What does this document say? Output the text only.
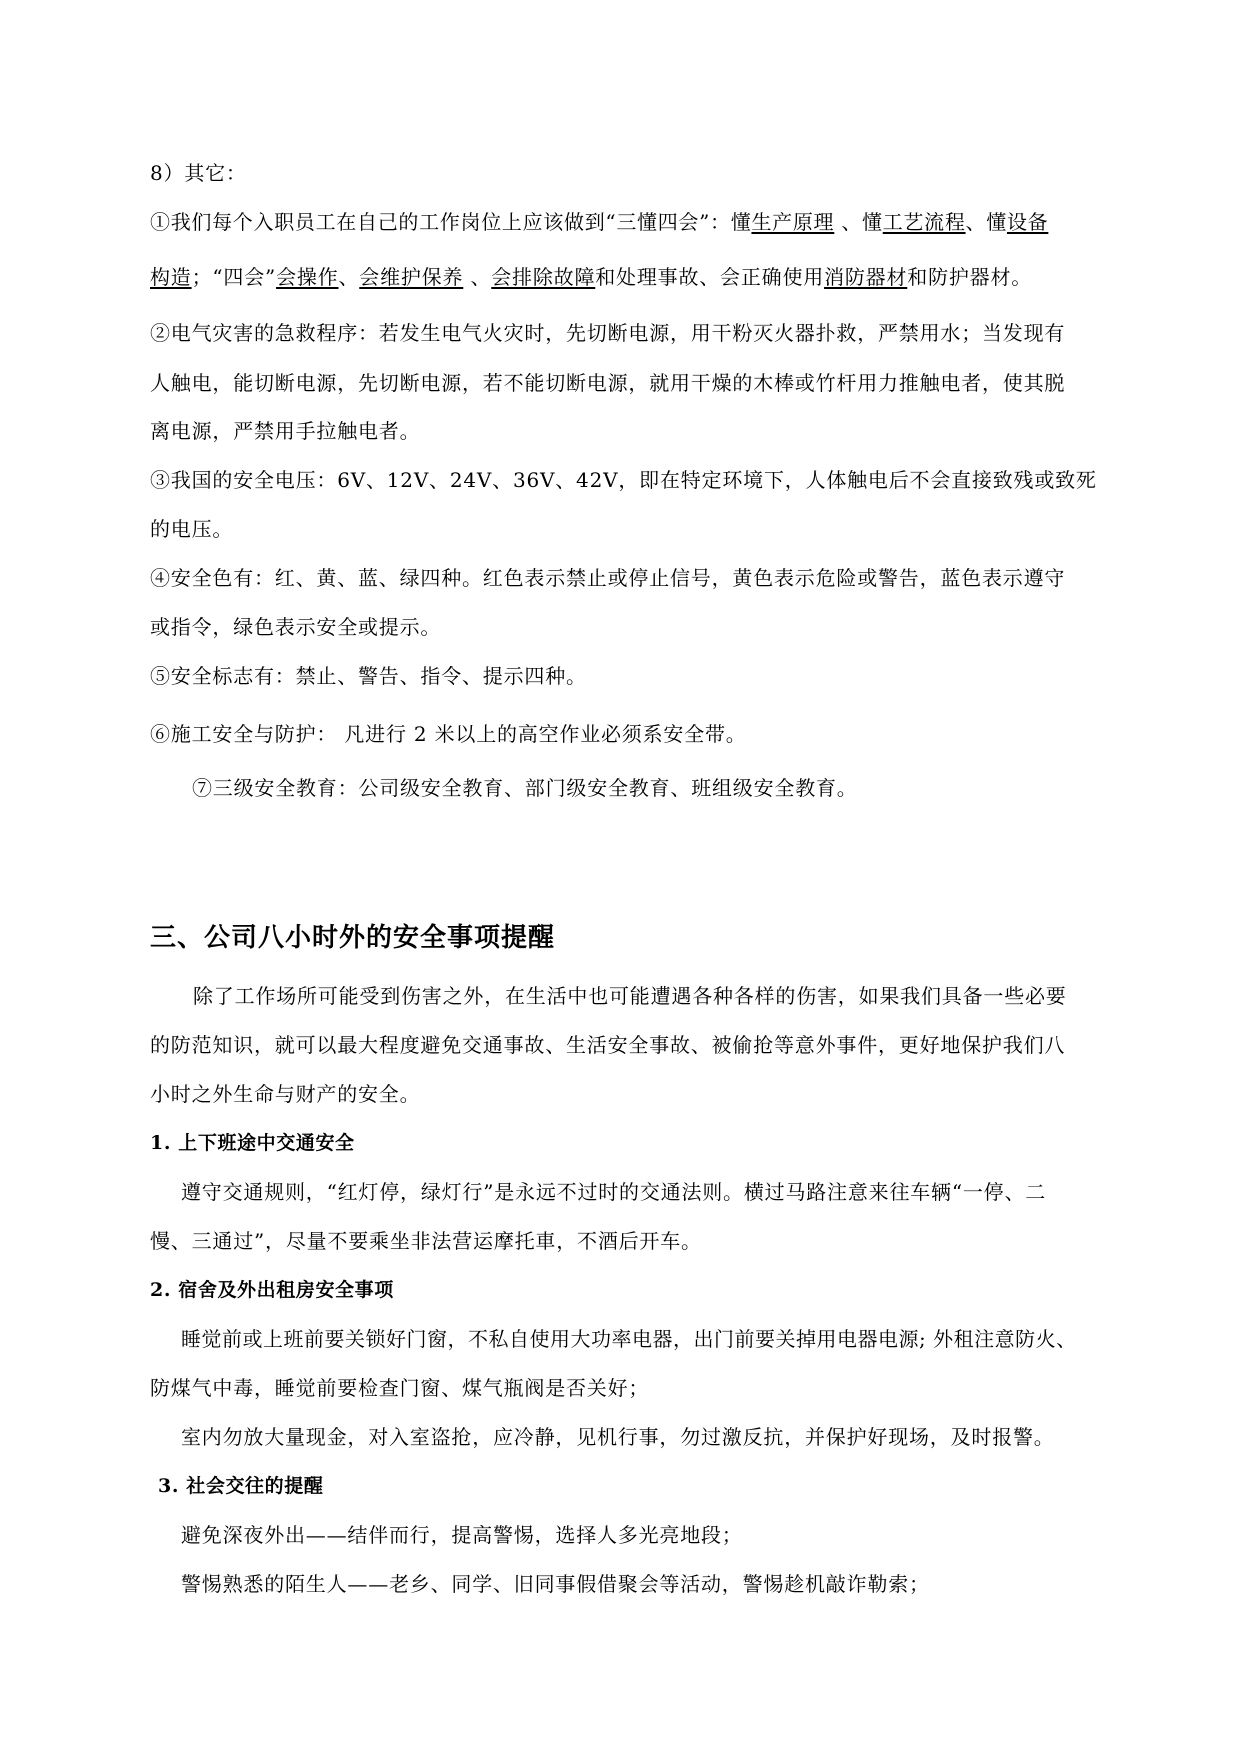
8）其它：
①我们每个入职员工在自己的工作岗位上应该做到“三懂四会”：懂生产原理 、懂工艺流程、懂设备
构造；“四会”会操作、会维护保养 、会排除故障和处理事故、会正确使用消防器材和防护器材。
②电气灾害的急救程序：若发生电气火灾时，先切断电源，用干粉灭火器扑救，严禁用水；当发现有
人触电，能切断电源，先切断电源，若不能切断电源，就用干燥的木棒或竹杆用力推触电者，使其脱
离电源，严禁用手拉触电者。
③我国的安全电压：6V、12V、24V、36V、42V，即在特定环境下，人体触电后不会直接致残或致死
的电压。
④安全色有：红、黄、蓝、绿四种。红色表示禁止或停止信号，黄色表示危险或警告，蓝色表示遵守
或指令，绿色表示安全或提示。
⑤安全标志有：禁止、警告、指令、提示四种。
⑥施工安全与防护： 凡进行 2 米以上的高空作业必须系安全带。
⑦三级安全教育：公司级安全教育、部门级安全教育、班组级安全教育。
三、公司八小时外的安全事项提醒
除了工作场所可能受到伤害之外，在生活中也可能遭遇各种各样的伤害，如果我们具备一些必要
的防范知识，就可以最大程度避免交通事故、生活安全事故、被偷抢等意外事件，更好地保护我们八
小时之外生命与财产的安全。
1. 上下班途中交通安全
遵守交通规则，“红灯停，绿灯行”是永远不过时的交通法则。横过马路注意来往车辆“一停、二
慢、三通过”，尽量不要乘坐非法营运摩托車，不酒后开车。
2. 宿舍及外出租房安全事项
睡觉前或上班前要关锁好门窗，不私自使用大功率电器，出门前要关掉用电器电源; 外租注意防火、
防煤气中毒，睡觉前要检查门窗、煤气瓶阀是否关好；
室内勿放大量现金，对入室盗抢，应冷静，见机行事，勿过激反抗，并保护好现场，及时报警。
3. 社会交往的提醒
避免深夜外出——结伴而行，提高警惕，选择人多光亮地段；
警惕熟悉的陌生人——老乡、同学、旧同事假借聚会等活动，警惕趁机敲诈勒索；
